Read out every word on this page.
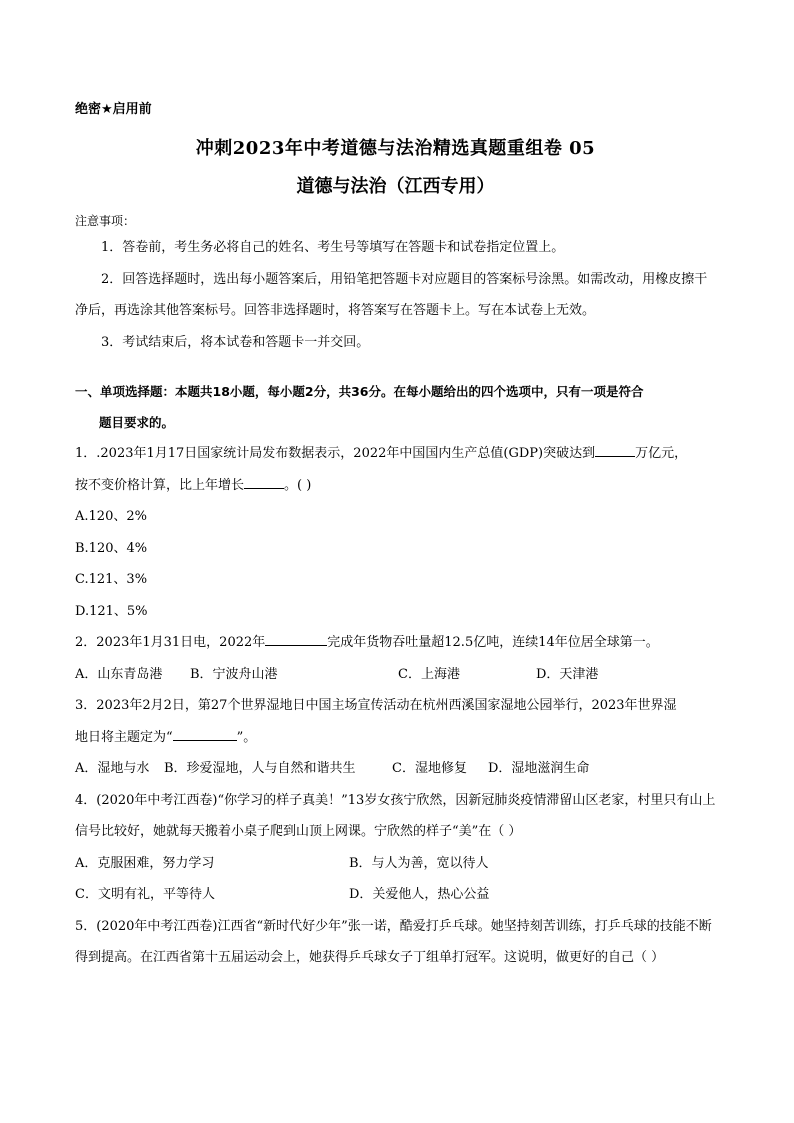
绝密★启用前
冲刺2023年中考道德与法治精选真题重组卷 05
道德与法治（江西专用）
注意事项：
1．答卷前，考生务必将自己的姓名、考生号等填写在答题卡和试卷指定位置上。
2．回答选择题时，选出每小题答案后，用铅笔把答题卡对应题目的答案标号涂黑。如需改动，用橡皮擦干净后，再选涂其他答案标号。回答非选择题时，将答案写在答题卡上。写在本试卷上无效。
3．考试结束后，将本试卷和答题卡一并交回。
一、单项选择题：本题共18小题，每小题2分，共36分。在每小题给出的四个选项中，只有一项是符合
题目要求的。
1．.2023年1月17日国家统计局发布数据表示，2022年中国国内生产总值(GDP)突破达到	万亿元，
按不变价格计算，比上年增长	。( )
A.120、2%
B.120、4%
C.121、3%
D.121、5%
2．2023年1月31日电，2022年	完成年货物吞吐量超12.5亿吨，连续14年位居全球第一。
A．山东青岛港	B．宁波舟山港	C．上海港	D．天津港
3．2023年2月2日，第27个世界湿地日中国主场宣传活动在杭州西溪国家湿地公园举行，2023年世界湿
地日将主题定为“	”。
A．湿地与水	B．珍爱湿地，人与自然和谐共生	C．湿地修复	D．湿地滋润生命
4．(2020年中考江西卷)“你学习的样子真美！”13岁女孩宁欣然，因新冠肺炎疫情滞留山区老家，村里只有山上信号比较好，她就每天搬着小桌子爬到山顶上网课。宁欣然的样子“美”在（ ）
A．克服困难，努力学习	B．与人为善，宽以待人
C．文明有礼，平等待人	D．关爱他人，热心公益
5．(2020年中考江西卷)江西省“新时代好少年”张一诺，酷爱打乒乓球。她坚持刻苦训练，打乒乓球的技能不断得到提高。在江西省第十五届运动会上，她获得乒乓球女子丁组单打冠军。这说明，做更好的自己（ ）
